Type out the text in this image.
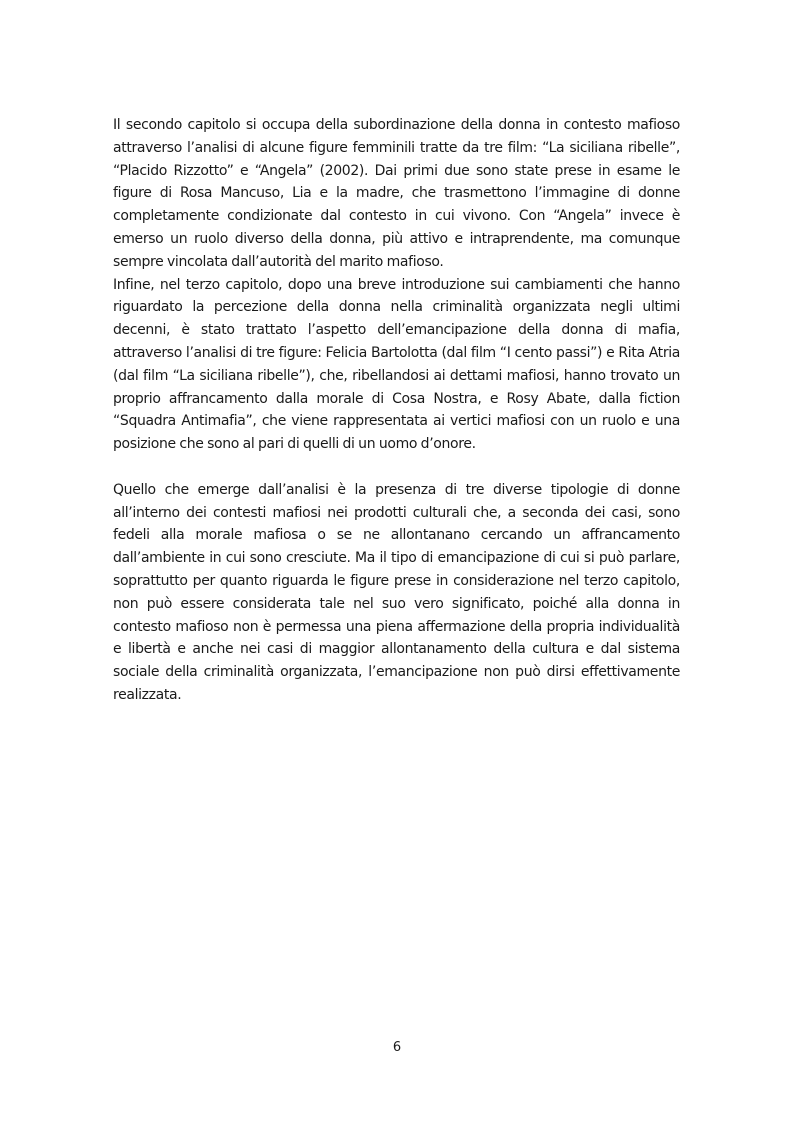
Il secondo capitolo si occupa della subordinazione della donna in contesto mafioso attraverso l’analisi di alcune figure femminili tratte da tre film: “La siciliana ribelle”, “Placido Rizzotto” e “Angela” (2002). Dai primi due sono state prese in esame le figure di Rosa Mancuso, Lia e la madre, che trasmettono l’immagine di donne completamente condizionate dal contesto in cui vivono. Con “Angela” invece è emerso un ruolo diverso della donna, più attivo e intraprendente, ma comunque sempre vincolata dall’autorità del marito mafioso.

Infine, nel terzo capitolo, dopo una breve introduzione sui cambiamenti che hanno riguardato la percezione della donna nella criminalità organizzata negli ultimi decenni, è stato trattato l’aspetto dell’emancipazione della donna di mafia, attraverso l’analisi di tre figure: Felicia Bartolotta (dal film “I cento passi”) e Rita Atria (dal film “La siciliana ribelle”), che, ribellandosi ai dettami mafiosi, hanno trovato un proprio affrancamento dalla morale di Cosa Nostra, e Rosy Abate, dalla fiction “Squadra Antimafia”, che viene rappresentata ai vertici mafiosi con un ruolo e una posizione che sono al pari di quelli di un uomo d’onore.

Quello che emerge dall’analisi è la presenza di tre diverse tipologie di donne all’interno dei contesti mafiosi nei prodotti culturali che, a seconda dei casi, sono fedeli alla morale mafiosa o se ne allontanano cercando un affrancamento dall’ambiente in cui sono cresciute. Ma il tipo di emancipazione di cui si può parlare, soprattutto per quanto riguarda le figure prese in considerazione nel terzo capitolo, non può essere considerata tale nel suo vero significato, poiché alla donna in contesto mafioso non è permessa una piena affermazione della propria individualità e libertà e anche nei casi di maggior allontanamento della cultura e dal sistema sociale della criminalità organizzata, l’emancipazione non può dirsi effettivamente realizzata.

6
